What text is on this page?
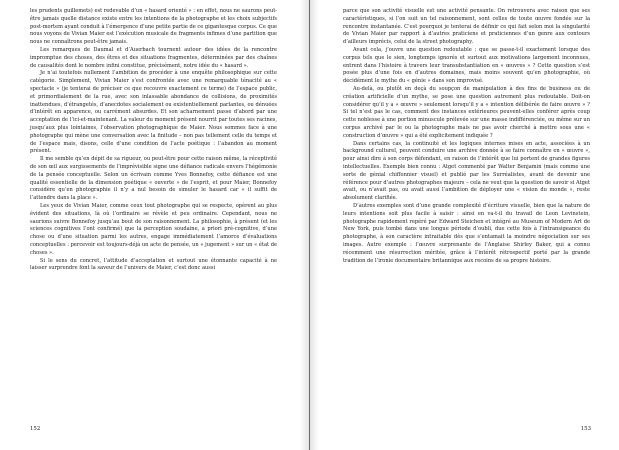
les prudents guillemets) est redevable d’un « hasard orienté » : en effet, nous ne saurons peut-être jamais quelle distance existe entre les intentions de la photographe et les choix subjectifs post-mortem ayant conduit à l’émergence d’une petite partie de ce gigantesque corpus. Ce que nous voyons de Vivian Maier est l’exécution musicale de fragments infimes d’une partition que nous ne connaîtrons peut-être jamais.

Les remarques de Daumal et d’Auerbach tournent autour des idées de la rencontre impromptue des choses, des êtres et des situations fragmentes, déterminées par des chaînes de causalités dont le nombre infini constitue, précisément, notre idée du « hasard ».

Je n’ai toutefois nullement l’ambition de procéder à une enquête philosophique sur cette catégorie. Simplement, Vivian Maier s’est confrontée avec une remarquable ténacité au « spectacle » (je tenterai de préciser ce que recouvre exactement ce terme) de l’espace public, et primordialement de la rue, avec son inlassable abondance de collisions, de proximités inattendues, d’étrangetés, d’anecdotes socialement ou existentiellement parlantes, ou dénuées d’intérêt en apparence, ou carrément absurdes. Et son acharnement passe d’abord par une acceptation de l’ici-et-maintenant. La valeur du moment présent nourrit par toutes ses racines, jusqu’aux plus lointaines, l’observation photographique de Maier. Nous sommes face à une photographe qui mène une conversation avec la finitude – non pas tellement celle du temps et de l’espace mais, disons, celle d’une condition de l’acte poétique : l’abandon au moment présent.

Il me semble qu’en dépit de sa rigueur, ou peut-être pour cette raison même, la réceptivité de son œil aux surgissements de l’imprévisible signe une défiance radicale envers l’hégémonie de la pensée conceptuelle. Selon un écrivain comme Yves Bonnefoy, cette défiance est une qualité essentielle de la dimension poétique « ouverte » de l’esprit, et pour Maier, Bonnefoy considère qu’en photographie il n’y a nul besoin de simuler le hasard car « il suffit de l’attendre dans la place ».

Les yeux de Vivian Maier, comme ceux tout photographe qui se respecte, opèrent au plus évident des situations, là où l’ordinaire se révèle et peu ordinaire. Cependant, nous ne saurions suivre Bonnefoy jusqu’au bout de son raisonnement. La philosophie, à présent (et les sciences cognitives l’ont confirmé) que la perception soudaine, a priori pré-cognitive, d’une chose ou d’une situation parmi les autres, engage immédiatement l’amorce d’évaluations conceptuelles : percevoir est toujours-déjà un acte de pensée, un « jugement » sur un « état de choses ».

Si le sens du concret, l’attitude d’acceptation et surtout une étonnante capacité à ne laisser surprendre font la saveur de l’univers de Maier, c’est donc aussi

152

parce que son activité visuelle est une activité pensante. On retrouvera avec raison que ses caractéristiques, si l’on suit un tel raisonnement, sont celles de toute œuvre fondée sur la rencontre instantanée. C’est pourquoi je tenterai de définir ce qui fait selon moi la singularité de Vivian Maier par rapport à d’autres praticiens et praticiennes d’un genre aux contours d’ailleurs imprécis, celui de la street photography.

Avant cela, j’ouvre une question redoutable : que se passe-t-il exactement lorsque des corpus tels que le sien, longtemps ignorés et surtout aux motivations largement inconnues, entrent dans l’histoire à travers leur transubstantiation en « œuvres » ? Cette question s’est posée plus d’une fois en d’autres domaines, mais moins souvent qu’en photographie, où décidément le mythe du « génie » dans son improvisé.

Au-delà, ou plutôt en deçà du soupçon de manipulation à des fins de business ou de création artificielle d’un mythe, se pose une question autrement plus redoutable. Doit-on considérer qu’il y a « œuvre » seulement lorsqu’il y a « intention délibérée de faire œuvre » ? Si tel n’est pas le cas, comment des instances extérieures peuvent-elles conférer après coup cette noblesse à une portion minuscule prélevée sur une masse indifférenciée, ou même sur un corpus archivé par le ou la photographe mais ne pas avoir cherché à mettre sous une « construction d’œuvre » qui a été explicitement indiquée ?

Dans certains cas, la continuité et les logiques internes mises en acte, associées à un background culturel, peuvent conduire une archive donnée à se faire connaître en « œuvre », pour ainsi dire à son corps défendant, en raison de l’intérêt que lui portent de grandes figures intellectuelles. Exemple bien connu : Atget commenté par Walter Benjamin (mais comme une sorte de génial chiffonnier visuel) et publié par les Surréalistes, avant de devenir une référence pour d’autres photographes majeurs – cela ne veut que la question de savoir si Atget avait, ou n’avait pas, ou avait aussi l’ambition de déployer une « vision du monde », reste absolument clarifiée.

D’autres exemples sont d’une grande complexité d’écriture visuelle, bien que la nature de leurs intentions soit plus facile à saisir : ainsi en va-t-il du travail de Leon Levinstein, photographe rapidement repéré par Edward Steichen et intégré au Museum of Modern Art de New York, puis tombé dans une longue période d’oubli, due cette fois à l’intransigeance du photographe, à son caractère intraitable dès que s’entamait la moindre négociation sur ses images. Autre exemple : l’œuvre surprenante de l’Anglaise Shirley Baker, qui a connu récemment une résurrection méritée, grâce à l’intérêt rétrospectif porté par la grande tradition de l’ironie documentaire britannique aux recoins de sa propre histoire.

153
